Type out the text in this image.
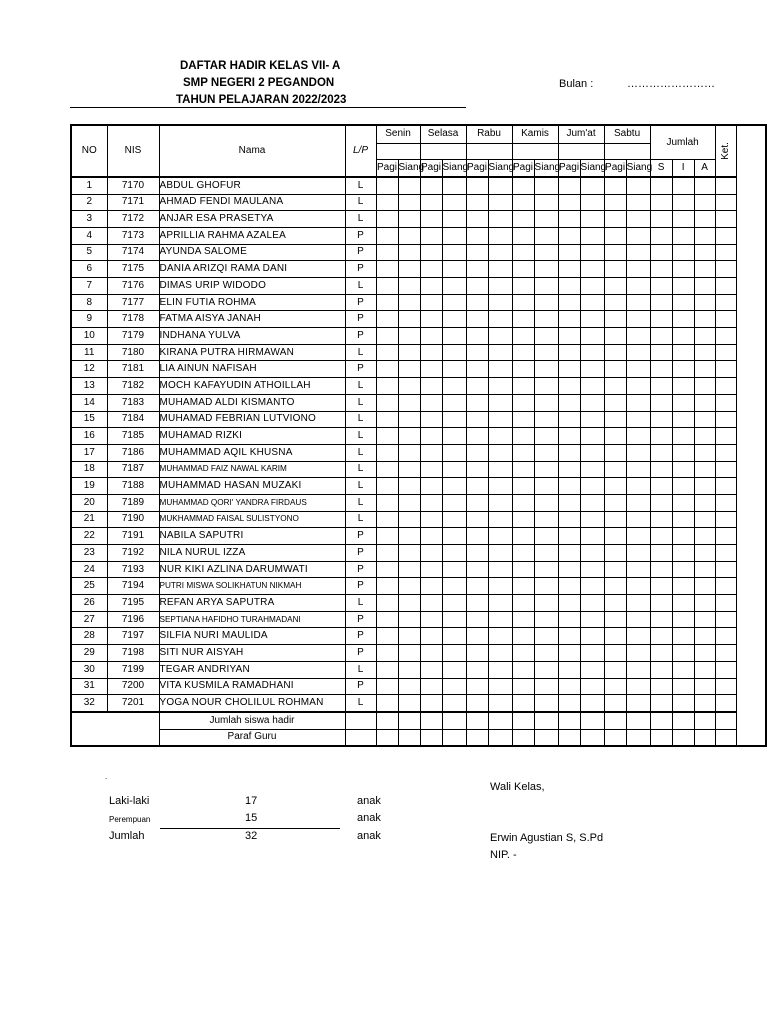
DAFTAR HADIR KELAS VII- A
SMP NEGERI 2 PEGANDON
TAHUN PELAJARAN 2022/2023
Bulan :	……………………
NO	NIS	Nama	L/P	Senin		Selasa		Rabu		Kamis		Jum'at		Sabtu		Jumlah			Ket.

				Pagi	Siang	Pagi	Siang	Pagi	Siang	Pagi	Siang	Pagi	Siang	Pagi	Siang	S	I	A	
1	7170	ABDUL GHOFUR	L																
2	7171	AHMAD FENDI MAULANA	L																
3	7172	ANJAR ESA PRASETYA	L																
4	7173	APRILLIA RAHMA AZALEA	P																
5	7174	AYUNDA SALOME	P																
6	7175	DANIA ARIZQI RAMA DANI	P																
7	7176	DIMAS URIP WIDODO	L																
8	7177	ELIN FUTIA ROHMA	P																
9	7178	FATMA AISYA JANAH	P																
10	7179	INDHANA YULVA	P																
11	7180	KIRANA PUTRA HIRMAWAN	L																
12	7181	LIA AINUN NAFISAH	P																
13	7182	MOCH KAFAYUDIN ATHOILLAH	L																
14	7183	MUHAMAD ALDI KISMANTO	L																
15	7184	MUHAMAD FEBRIAN LUTVIONO	L																
16	7185	MUHAMAD RIZKI	L																
17	7186	MUHAMMAD AQIL KHUSNA	L																
18	7187	MUHAMMAD FAIZ NAWAL KARIM	L																
19	7188	MUHAMMAD HASAN MUZAKI	L																
20	7189	MUHAMMAD QORI' YANDRA FIRDAUS	L																
21	7190	MUKHAMMAD FAISAL SULISTYONO	L																
22	7191	NABILA SAPUTRI	P																
23	7192	NILA NURUL IZZA	P																
24	7193	NUR KIKI AZLINA DARUMWATI	P																
25	7194	PUTRI MISWA SOLIKHATUN NIKMAH	P																
26	7195	REFAN ARYA SAPUTRA	L																
27	7196	SEPTIANA HAFIDHO TURAHMADANI	P																
28	7197	SILFIA NURI MAULIDA	P																
29	7198	SITI NUR AISYAH	P																
30	7199	TEGAR ANDRIYAN	L																
31	7200	VITA KUSMILA RAMADHANI	P																
32	7201	YOGA NOUR CHOLILUL ROHMAN	L																
		Jumlah siswa hadir																	
		Paraf Guru																	
.
Laki-laki	17	anak
Perempuan	15	anak
Jumlah	32	anak
Wali Kelas,
Erwin Agustian S, S.Pd
NIP. -
